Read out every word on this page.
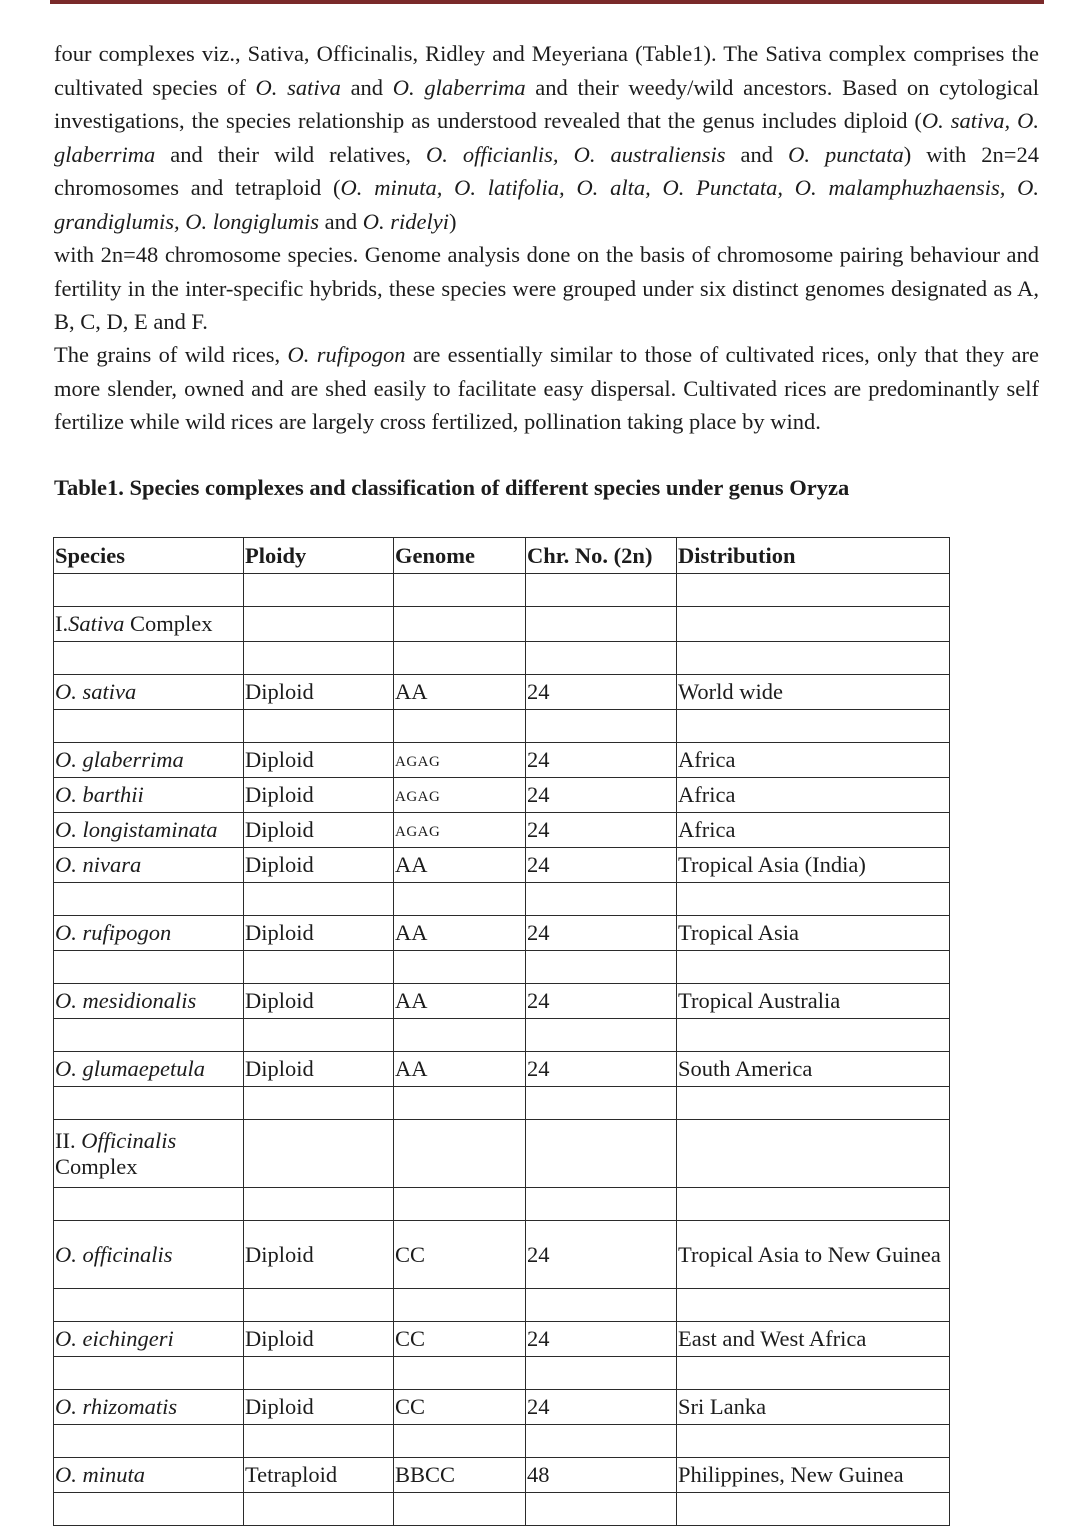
four complexes viz., Sativa, Officinalis, Ridley and Meyeriana (Table1). The Sativa complex comprises the cultivated species of O. sativa and O. glaberrima and their weedy/wild ancestors. Based on cytological investigations, the species relationship as understood revealed that the genus includes diploid (O. sativa, O. glaberrima and their wild relatives, O. officianlis, O. australiensis and O. punctata) with 2n=24 chromosomes and tetraploid (O. minuta, O. latifolia, O. alta, O. Punctata, O. malamphuzhaensis, O. grandiglumis, O. longiglumis and O. ridelyi)
with 2n=48 chromosome species. Genome analysis done on the basis of chromosome pairing behaviour and fertility in the inter-specific hybrids, these species were grouped under six distinct genomes designated as A, B, C, D, E and F.

The grains of wild rices, O. rufipogon are essentially similar to those of cultivated rices, only that they are more slender, owned and are shed easily to facilitate easy dispersal. Cultivated rices are predominantly self fertilize while wild rices are largely cross fertilized, pollination taking place by wind.

Table1. Species complexes and classification of different species under genus Oryza

Species	Ploidy	Genome	Chr. No. (2n)	Distribution

I.Sativa Complex				

O. sativa	Diploid	AA	24	World wide

O. glaberrima	Diploid	AGAG	24	Africa
O. barthii	Diploid	AGAG	24	Africa
O. longistaminata	Diploid	AGAG	24	Africa
O. nivara	Diploid	AA	24	Tropical Asia (India)

O. rufipogon	Diploid	AA	24	Tropical Asia

O. mesidionalis	Diploid	AA	24	Tropical Australia

O. glumaepetula	Diploid	AA	24	South America

II. Officinalis
Complex				

O. officinalis	Diploid	CC	24	Tropical Asia to New Guinea

O. eichingeri	Diploid	CC	24	East and West Africa

O. rhizomatis	Diploid	CC	24	Sri Lanka

O. minuta	Tetraploid	BBCC	48	Philippines, New Guinea
